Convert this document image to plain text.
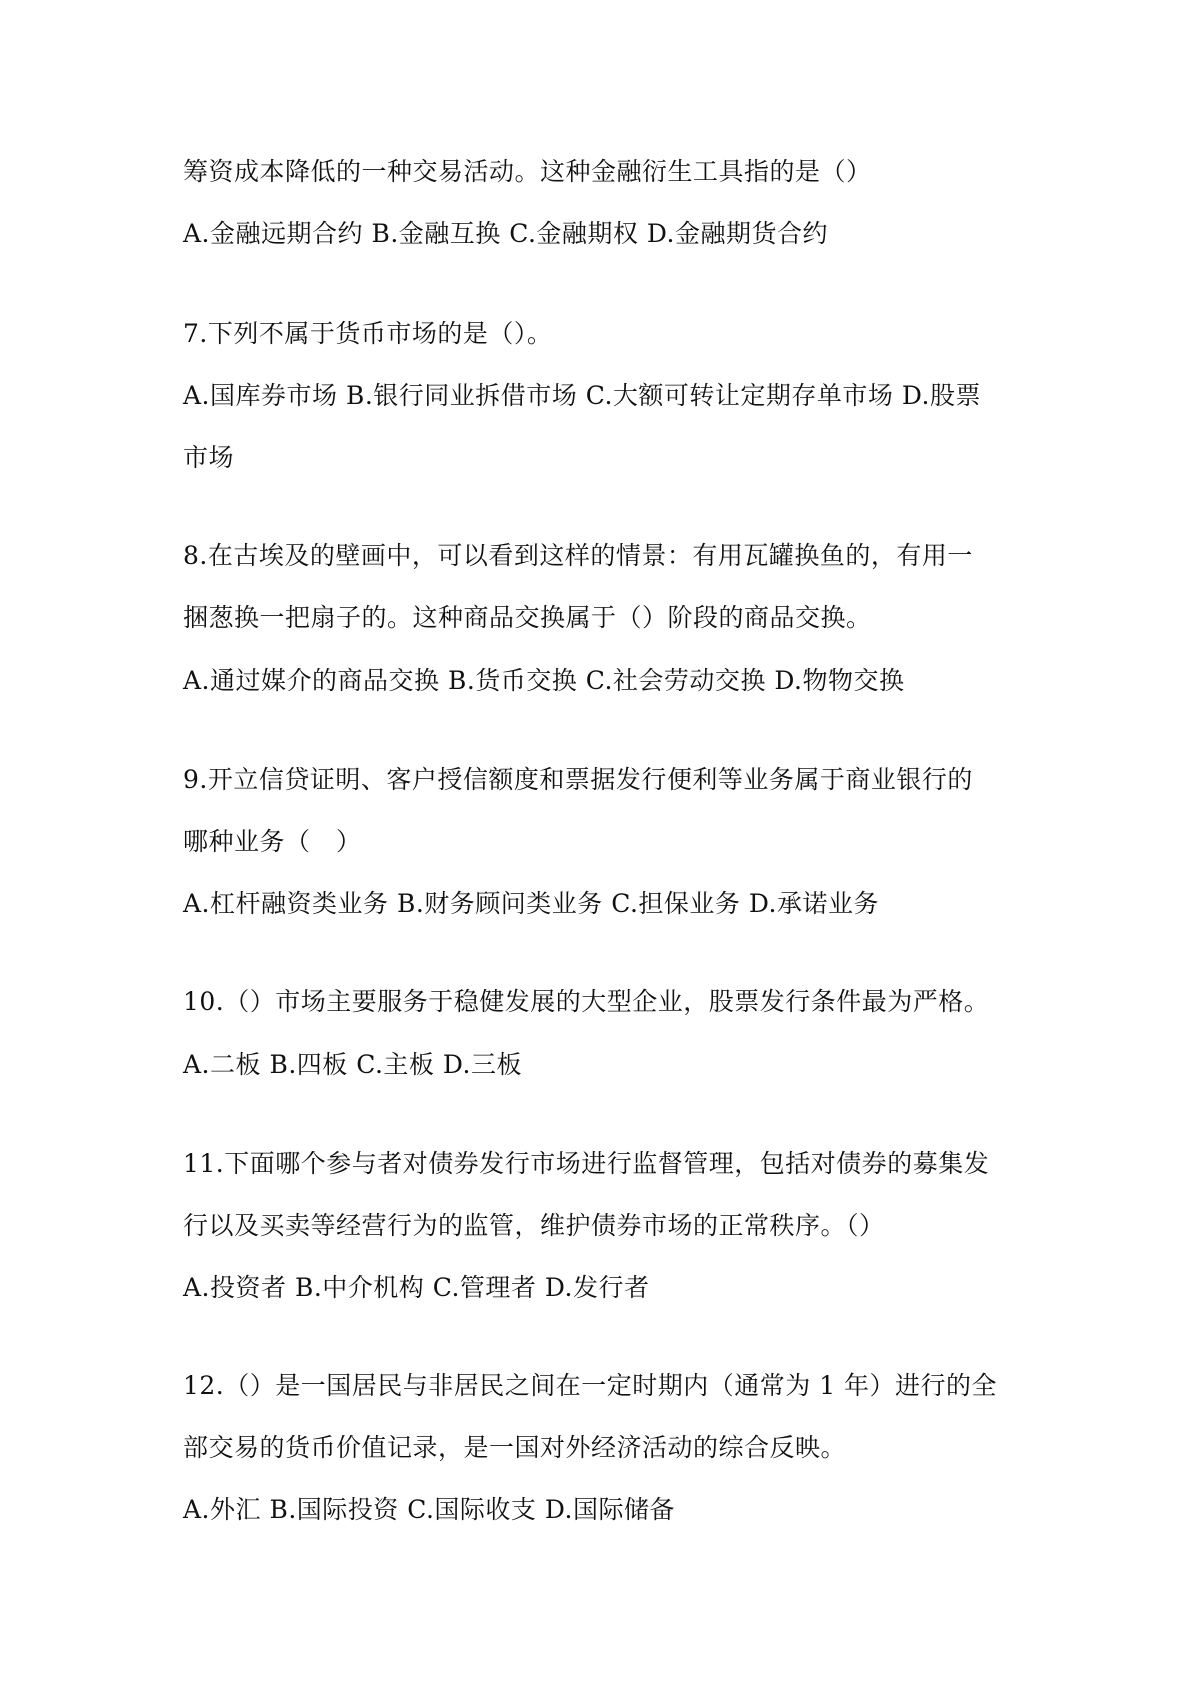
筹资成本降低的一种交易活动。这种金融衍生工具指的是（）
A.金融远期合约 B.金融互换 C.金融期权 D.金融期货合约
7.下列不属于货币市场的是（）。
A.国库券市场 B.银行同业拆借市场 C.大额可转让定期存单市场 D.股票
市场
8.在古埃及的壁画中，可以看到这样的情景：有用瓦罐换鱼的，有用一
捆葱换一把扇子的。这种商品交换属于（）阶段的商品交换。
A.通过媒介的商品交换 B.货币交换 C.社会劳动交换 D.物物交换
9.开立信贷证明、客户授信额度和票据发行便利等业务属于商业银行的
哪种业务（　）
A.杠杆融资类业务 B.财务顾问类业务 C.担保业务 D.承诺业务
10.（）市场主要服务于稳健发展的大型企业，股票发行条件最为严格。
A.二板 B.四板 C.主板 D.三板
11.下面哪个参与者对债券发行市场进行监督管理，包括对债券的募集发
行以及买卖等经营行为的监管，维护债券市场的正常秩序。（）
A.投资者 B.中介机构 C.管理者 D.发行者
12.（）是一国居民与非居民之间在一定时期内（通常为 1 年）进行的全
部交易的货币价值记录，是一国对外经济活动的综合反映。
A.外汇 B.国际投资 C.国际收支 D.国际储备
